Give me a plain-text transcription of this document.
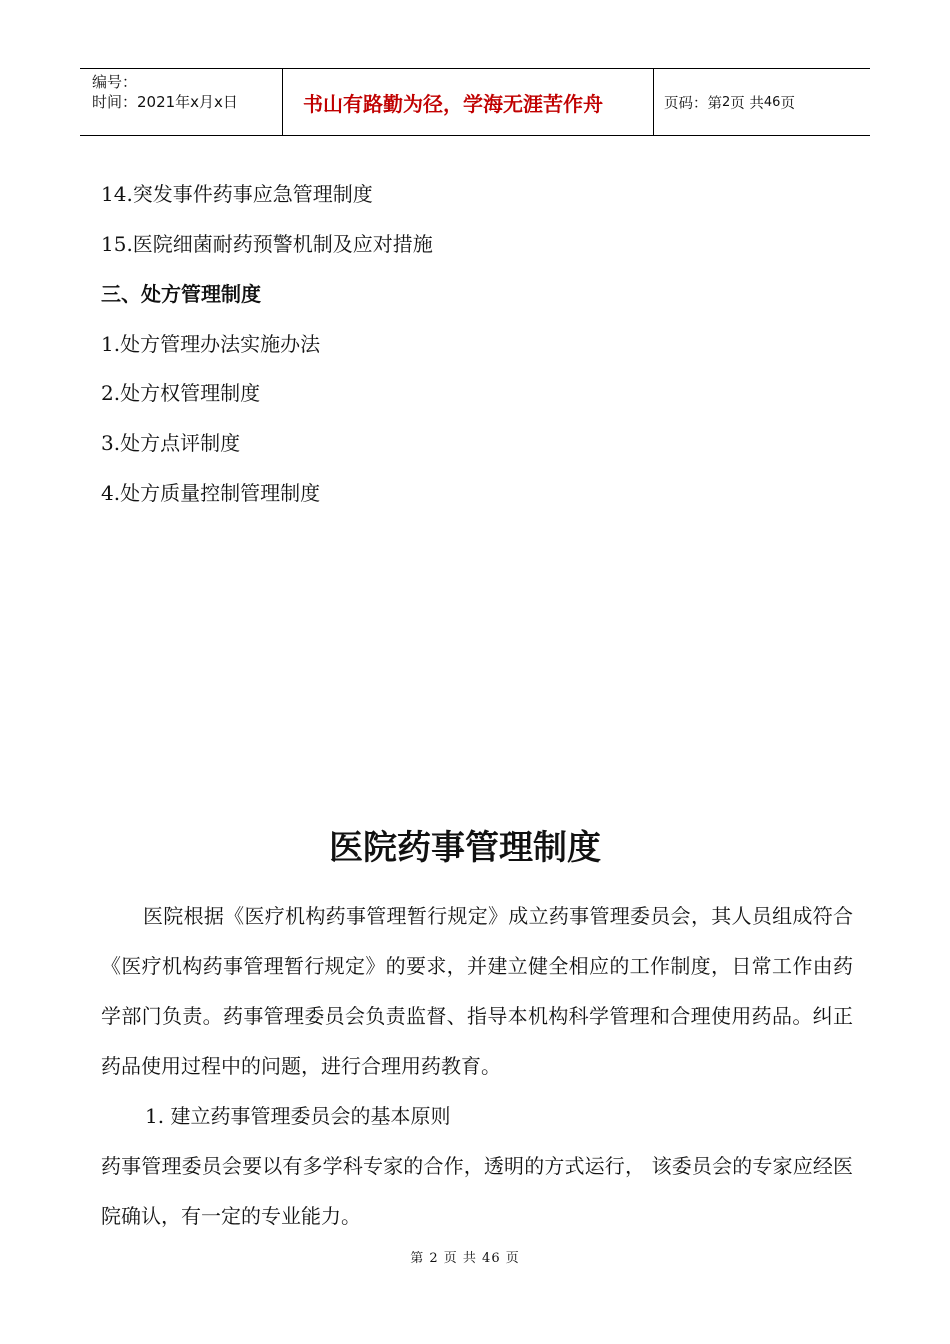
编号：
时间：2021年x月x日	书山有路勤为径，学海无涯苦作舟	页码：第 2 页 共 46 页
14.突发事件药事应急管理制度
15.医院细菌耐药预警机制及应对措施
三、处方管理制度
1.处方管理办法实施办法
2.处方权管理制度
3.处方点评制度
4.处方质量控制管理制度
医院药事管理制度
医院根据《医疗机构药事管理暂行规定》成立药事管理委员会，其人员组成符合《医疗机构药事管理暂行规定》的要求，并建立健全相应的工作制度，日常工作由药学部门负责。药事管理委员会负责监督、指导本机构科学管理和合理使用药品。纠正药品使用过程中的问题，进行合理用药教育。
1. 建立药事管理委员会的基本原则
药事管理委员会要以有多学科专家的合作，透明的方式运行， 该委员会的专家应经医院确认，有一定的专业能力。
第 2 页 共 46 页
